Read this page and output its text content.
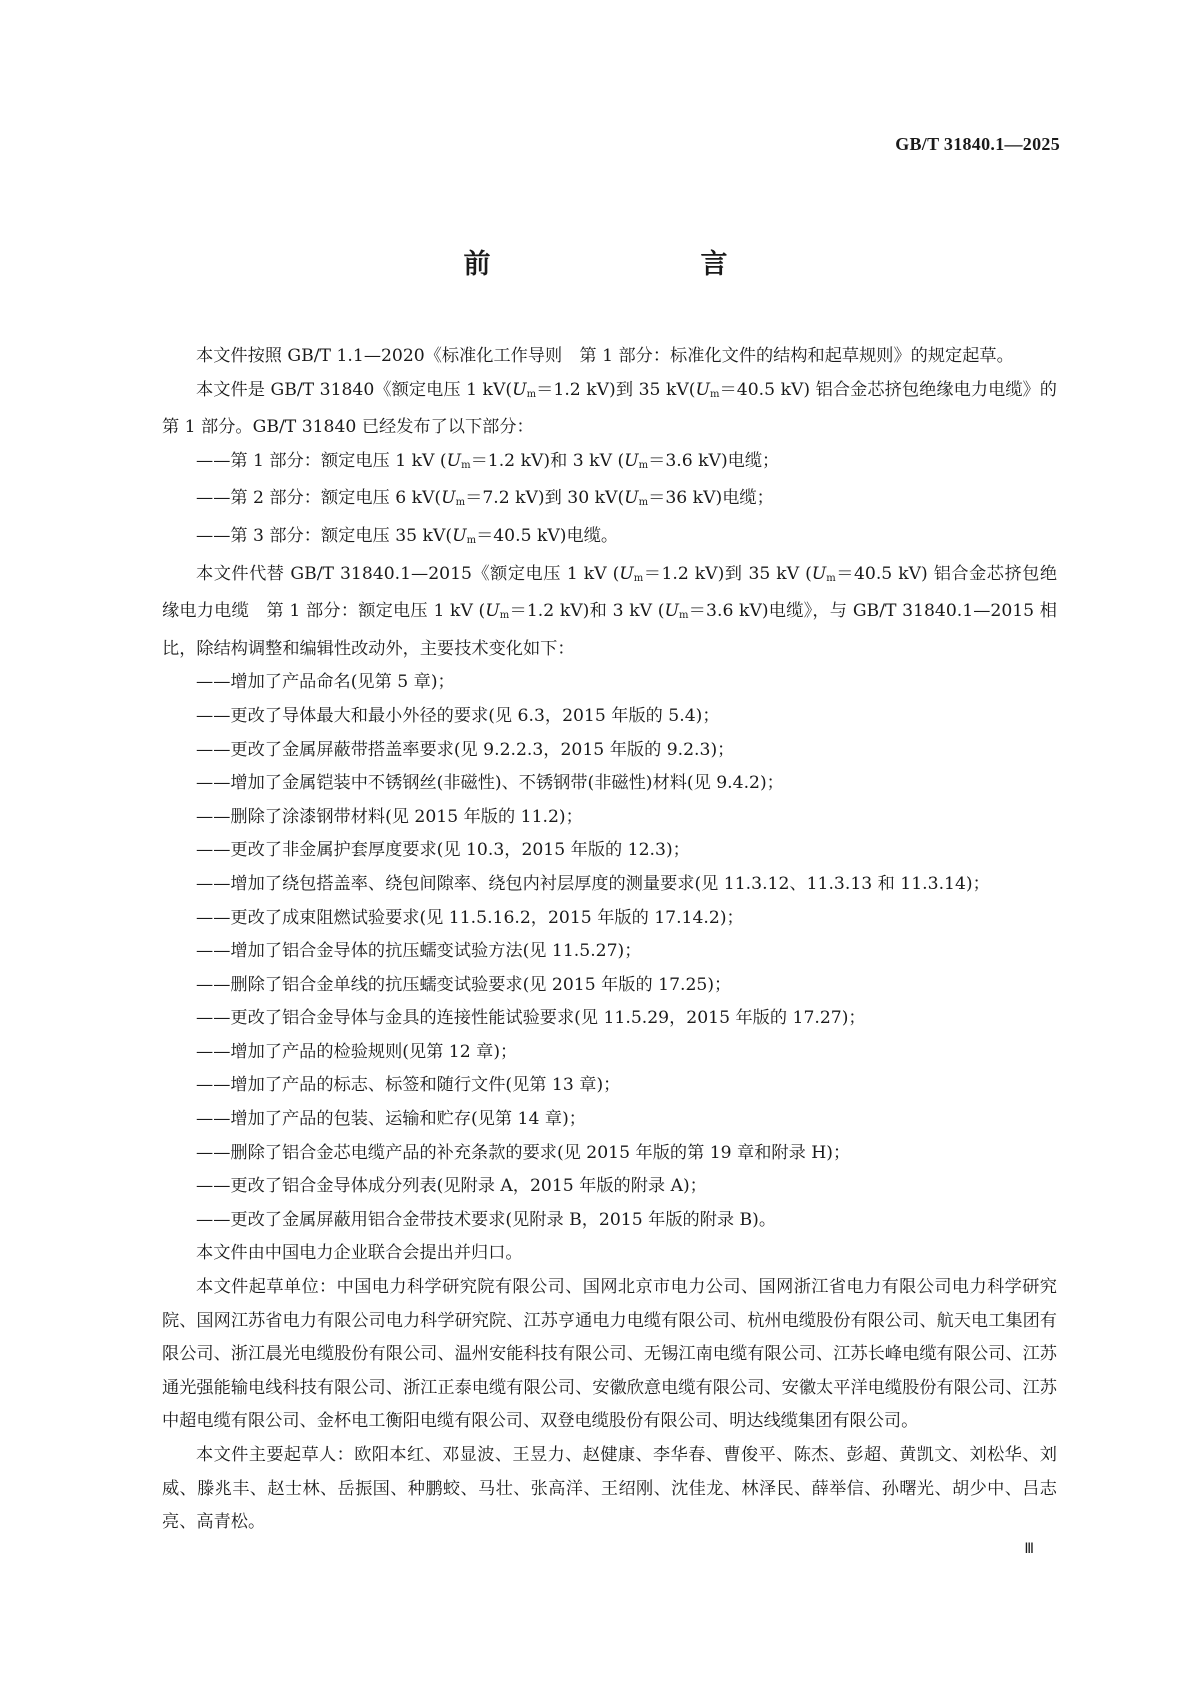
GB/T 31840.1—2025
前　　言

本文件按照 GB/T 1.1—2020《标准化工作导则　第 1 部分：标准化文件的结构和起草规则》的规定起草。

本文件是 GB/T 31840《额定电压 1 $kV(U_m=1.2$ kV)到 35 $kV(U_m=40.5$ kV) 铝合金芯挤包绝缘电力电缆》的第 1 部分。GB/T 31840 已经发布了以下部分：

——第 1 部分：额定电压 1 kV ($U_m=1.2$ kV)和 3 kV ($U_m=3.6$ kV)电缆；
——第 2 部分：额定电压 6 $kV(U_m=7.2$ kV)到 30 $kV(U_m=36$ kV)电缆；
——第 3 部分：额定电压 35 $kV(U_m=40.5$ kV)电缆。

本文件代替 GB/T 31840.1—2015《额定电压 1 kV ($U_m=1.2$ kV)到 35 kV ($U_m=40.5$ kV) 铝合金芯挤包绝缘电力电缆　第 1 部分：额定电压 1 kV ($U_m=1.2$ kV)和 3 kV ($U_m=3.6$ kV)电缆》，与 GB/T 31840.1—2015 相比，除结构调整和编辑性改动外，主要技术变化如下：

——增加了产品命名(见第 5 章)；
——更改了导体最大和最小外径的要求(见 6.3，2015 年版的 5.4)；
——更改了金属屏蔽带搭盖率要求(见 9.2.2.3，2015 年版的 9.2.3)；
——增加了金属铠装中不锈钢丝(非磁性)、不锈钢带(非磁性)材料(见 9.4.2)；
——删除了涂漆钢带材料(见 2015 年版的 11.2)；
——更改了非金属护套厚度要求(见 10.3，2015 年版的 12.3)；
——增加了绕包搭盖率、绕包间隙率、绕包内衬层厚度的测量要求(见 11.3.12、11.3.13 和 11.3.14)；
——更改了成束阻燃试验要求(见 11.5.16.2，2015 年版的 17.14.2)；
——增加了铝合金导体的抗压蠕变试验方法(见 11.5.27)；
——删除了铝合金单线的抗压蠕变试验要求(见 2015 年版的 17.25)；
——更改了铝合金导体与金具的连接性能试验要求(见 11.5.29，2015 年版的 17.27)；
——增加了产品的检验规则(见第 12 章)；
——增加了产品的标志、标签和随行文件(见第 13 章)；
——增加了产品的包装、运输和贮存(见第 14 章)；
——删除了铝合金芯电缆产品的补充条款的要求(见 2015 年版的第 19 章和附录 H)；
——更改了铝合金导体成分列表(见附录 A，2015 年版的附录 A)；
——更改了金属屏蔽用铝合金带技术要求(见附录 B，2015 年版的附录 B)。

本文件由中国电力企业联合会提出并归口。

本文件起草单位：中国电力科学研究院有限公司、国网北京市电力公司、国网浙江省电力有限公司电力科学研究院、国网江苏省电力有限公司电力科学研究院、江苏亨通电力电缆有限公司、杭州电缆股份有限公司、航天电工集团有限公司、浙江晨光电缆股份有限公司、温州安能科技有限公司、无锡江南电缆有限公司、江苏长峰电缆有限公司、江苏通光强能输电线科技有限公司、浙江正泰电缆有限公司、安徽欣意电缆有限公司、安徽太平洋电缆股份有限公司、江苏中超电缆有限公司、金杯电工衡阳电缆有限公司、双登电缆股份有限公司、明达线缆集团有限公司。

本文件主要起草人：欧阳本红、邓显波、王昱力、赵健康、李华春、曹俊平、陈杰、彭超、黄凯文、刘松华、刘威、滕兆丰、赵士林、岳振国、种鹏蛟、马壮、张高洋、王绍刚、沈佳龙、林泽民、薛举信、孙曙光、胡少中、吕志亮、高青松。

Ⅲ
